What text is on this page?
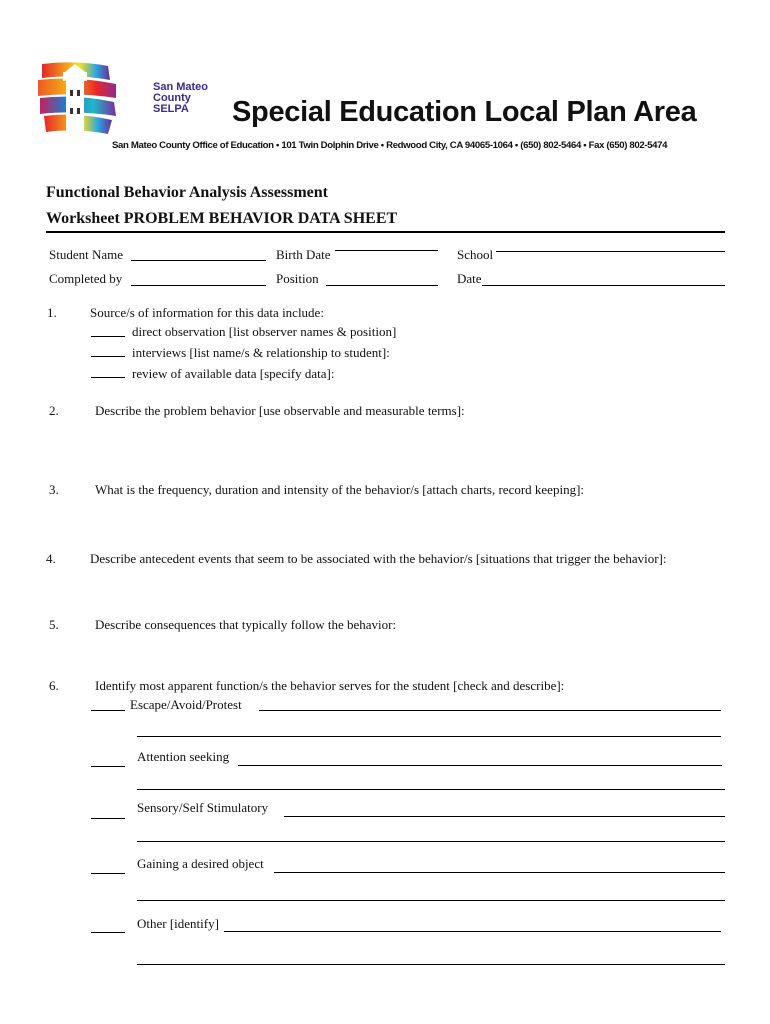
San Mateo
County
SELPA	Special Education Local Plan Area
San Mateo County Office of Education • 101 Twin Dolphin Drive • Redwood City, CA 94065-1064 • (650) 802-5464 • Fax (650) 802-5474
Functional Behavior Analysis Assessment
Worksheet PROBLEM BEHAVIOR DATA SHEET
Student Name	Birth Date	School
Completed by	Position	Date
1.	Source/s of information for this data include:
direct observation [list observer names & position]
interviews [list name/s & relationship to student]:
review of available data [specify data]:
2.	Describe the problem behavior [use observable and measurable terms]:
3.	What is the frequency, duration and intensity of the behavior/s [attach charts, record keeping]:
4.	Describe antecedent events that seem to be associated with the behavior/s [situations that trigger the behavior]:
5.	Describe consequences that typically follow the behavior:
6.	Identify most apparent function/s the behavior serves for the student [check and describe]:
Escape/Avoid/Protest
Attention seeking
Sensory/Self Stimulatory
Gaining a desired object
Other [identify]
